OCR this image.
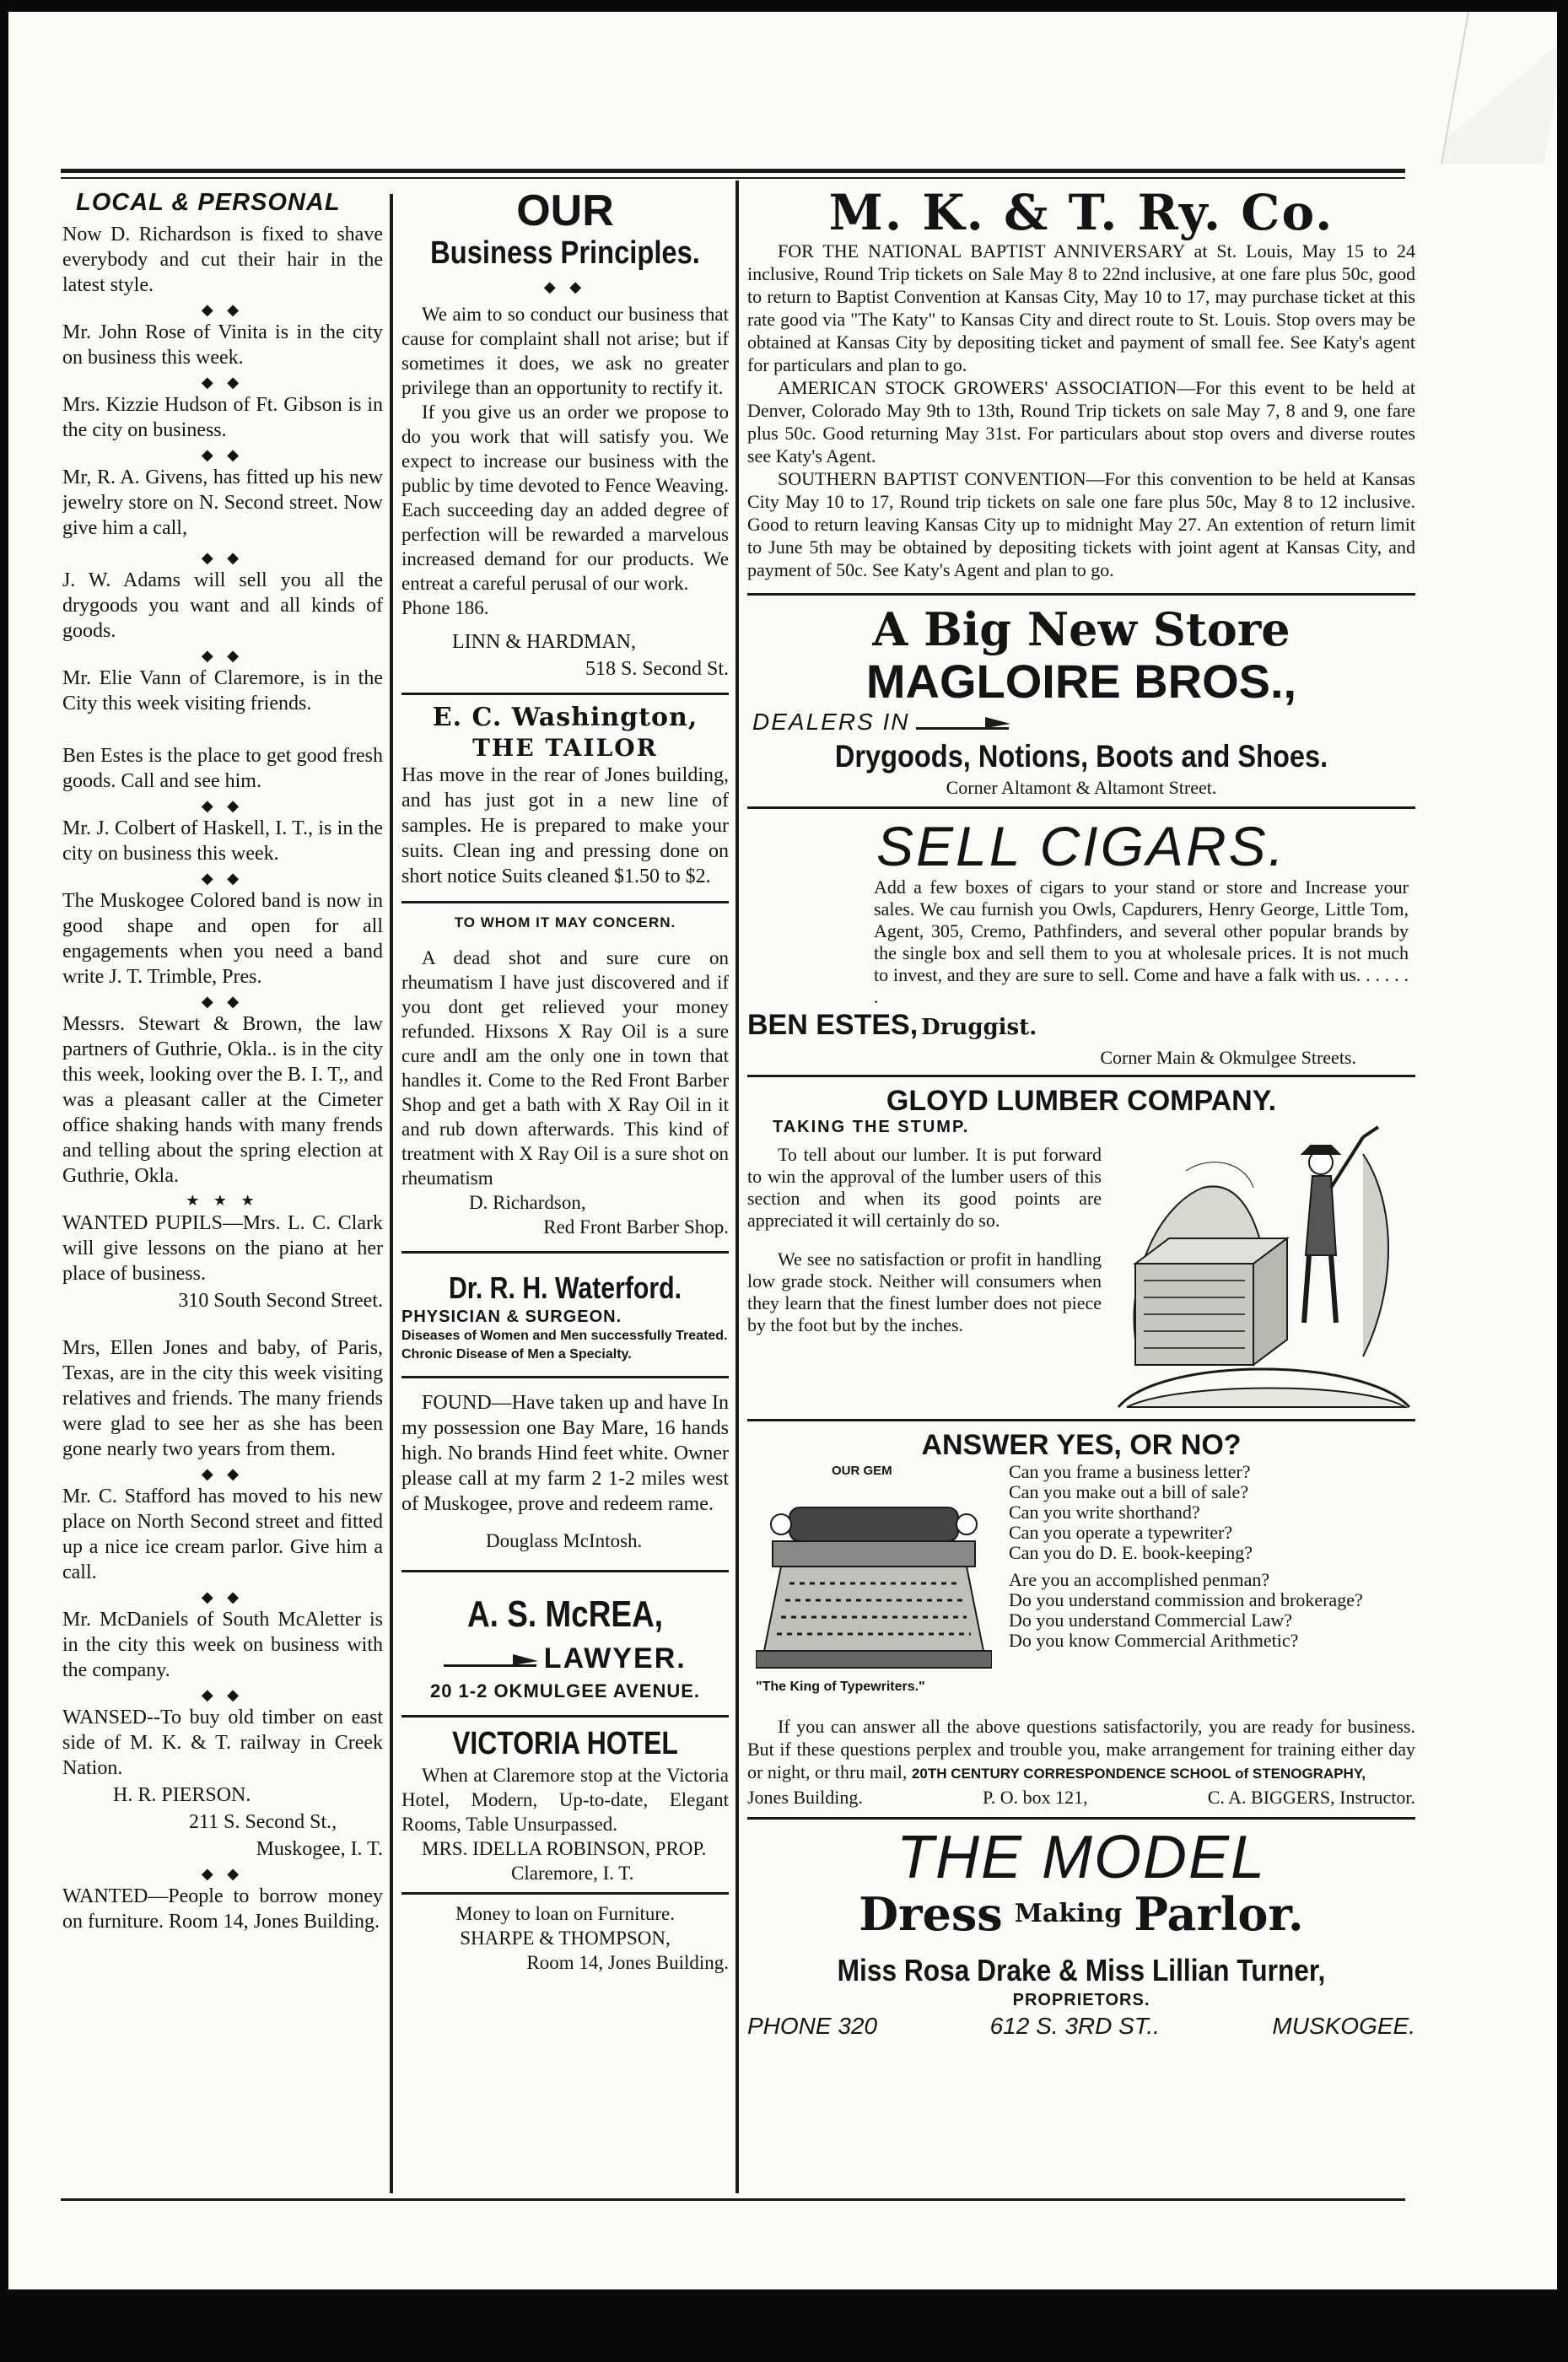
LOCAL & PERSONAL
Now D. Richardson is fixed to shave everybody and cut their hair in the latest style.
◆ ◆
Mr. John Rose of Vinita is in the city on business this week.
◆ ◆
Mrs. Kizzie Hudson of Ft. Gibson is in the city on business.
◆ ◆
Mr, R. A. Givens, has fitted up his new jewelry store on N. Second street. Now give him a call,
◆ ◆
J. W. Adams will sell you all the drygoods you want and all kinds of goods.
◆ ◆
Mr. Elie Vann of Claremore, is in the City this week visiting friends.

Ben Estes is the place to get good fresh goods. Call and see him.
◆ ◆
Mr. J. Colbert of Haskell, I. T., is in the city on business this week.
◆ ◆
The Muskogee Colored band is now in good shape and open for all engagements when you need a band write J. T. Trimble, Pres.
◆ ◆
Messrs. Stewart & Brown, the law partners of Guthrie, Okla.. is in the city this week, looking over the B. I. T,, and was a pleasant caller at the Cimeter office shaking hands with many frends and telling about the spring election at Guthrie, Okla.
★ ★ ★
WANTED PUPILS—Mrs. L. C. Clark will give lessons on the piano at her place of business.
310 South Second Street.

Mrs, Ellen Jones and baby, of Paris, Texas, are in the city this week visiting relatives and friends. The many friends were glad to see her as she has been gone nearly two years from them.
◆ ◆
Mr. C. Stafford has moved to his new place on North Second street and fitted up a nice ice cream parlor. Give him a call.
◆ ◆
Mr. McDaniels of South McAletter is in the city this week on business with the company.
◆ ◆
WANSED--To buy old timber on east side of M. K. & T. railway in Creek Nation.
H. R. PIERSON.
211 S. Second St.,
Muskogee, I. T.
◆ ◆
WANTED—People to borrow money on furniture. Room 14, Jones Building.
OUR
Business Principles.
◆ ◆

We aim to so conduct our business that cause for complaint shall not arise; but if sometimes it does, we ask no greater privilege than an opportunity to rectify it.

If you give us an order we propose to do you work that will satisfy you. We expect to increase our business with the public by time devoted to Fence Weaving. Each succeeding day an added degree of perfection will be rewarded a marvelous increased demand for our products. We entreat a careful perusal of our work.

Phone 186.

LINN & HARDMAN,

518 S. Second St.

E. C. Washington,
THE TAILOR

Has move in the rear of Jones building, and has just got in a new line of samples. He is prepared to make your suits. Clean ing and pressing done on short notice Suits cleaned $1.50 to $2.

TO WHOM IT MAY CONCERN.

A dead shot and sure cure on rheumatism I have just discovered and if you dont get relieved your money refunded. Hixsons X Ray Oil is a sure cure andI am the only one in town that handles it. Come to the Red Front Barber Shop and get a bath with X Ray Oil in it and rub down afterwards. This kind of treatment with X Ray Oil is a sure shot on rheumatism

D. Richardson,

Red Front Barber Shop.

Dr. R. H. Waterford.
PHYSICIAN & SURGEON.

Diseases of Women and Men successfully Treated. Chronic Disease of Men a Specialty.

FOUND—Have taken up and have In my possession one Bay Mare, 16 hands high. No brands Hind feet white. Owner please call at my farm 2 1-2 miles west of Muskogee, prove and redeem rame.

Douglass McIntosh.

A. S. McREA,
LAWYER.
20 1-2 OKMULGEE AVENUE.
VICTORIA HOTEL

When at Claremore stop at the Victoria Hotel, Modern, Up-to-date, Elegant Rooms, Table Unsurpassed.

MRS. IDELLA ROBINSON, PROP.

Claremore, I. T.

Money to loan on Furniture.

SHARPE & THOMPSON,

Room 14, Jones Building.

M. K. & T. Ry. Co.

FOR THE NATIONAL BAPTIST ANNIVERSARY at St. Louis, May 15 to 24 inclusive, Round Trip tickets on Sale May 8 to 22nd inclusive, at one fare plus 50c, good to return to Baptist Convention at Kansas City, May 10 to 17, may purchase ticket at this rate good via "The Katy" to Kansas City and direct route to St. Louis. Stop overs may be obtained at Kansas City by depositing ticket and payment of small fee. See Katy's agent for particulars and plan to go.

AMERICAN STOCK GROWERS' ASSOCIATION—For this event to be held at Denver, Colorado May 9th to 13th, Round Trip tickets on sale May 7, 8 and 9, one fare plus 50c. Good returning May 31st. For particulars about stop overs and diverse routes see Katy's Agent.

SOUTHERN BAPTIST CONVENTION—For this convention to be held at Kansas City May 10 to 17, Round trip tickets on sale one fare plus 50c, May 8 to 12 inclusive. Good to return leaving Kansas City up to midnight May 27. An extention of return limit to June 5th may be obtained by depositing tickets with joint agent at Kansas City, and payment of 50c. See Katy's Agent and plan to go.

A Big New Store
MAGLOIRE BROS.,
DEALERS IN
Drygoods, Notions, Boots and Shoes.
Corner Altamont & Altamont Street.
SELL CIGARS.

Add a few boxes of cigars to your stand or store and Increase your sales. We cau furnish you Owls, Capdurers, Henry George, Little Tom, Agent, 305, Cremo, Pathfinders, and several other popular brands by the single box and sell them to you at wholesale prices. It is not much to invest, and they are sure to sell. Come and have a falk with us. . . . . . .

BEN ESTES, Druggist.
Corner Main & Okmulgee Streets.
GLOYD LUMBER COMPANY.
TAKING THE STUMP.

To tell about our lumber. It is put forward to win the approval of the lumber users of this section and when its good points are appreciated it will certainly do so.

We see no satisfaction or profit in handling low grade stock. Neither will consumers when they learn that the finest lumber does not piece by the foot but by the inches.

ANSWER YES, OR NO?
OUR GEM
"The King of Typewriters."
Can you frame a business letter?
Can you make out a bill of sale?
Can you write shorthand?
Can you operate a typewriter?
Can you do D. E. book-keeping?
Are you an accomplished penman?
Do you understand commission and brokerage?
Do you understand Commercial Law?
Do you know Commercial Arithmetic?

If you can answer all the above questions satisfactorily, you are ready for business. But if these questions perplex and trouble you, make arrangement for training either day or night, or thru mail, 20TH CENTURY CORRESPONDENCE SCHOOL of STENOGRAPHY,

Jones Building.	P. O. box 121,	C. A. BIGGERS, Instructor.
THE MODEL
Dress Making Parlor.
Miss Rosa Drake & Miss Lillian Turner,
PROPRIETORS.
PHONE 320	612 S. 3RD ST..	MUSKOGEE.
